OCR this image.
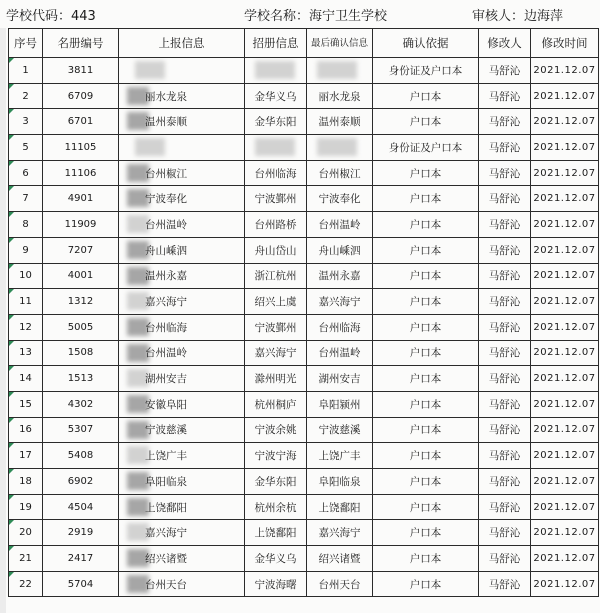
学校代码：443	学校名称：海宁卫生学校	审核人：边海萍
序号	名册编号	上报信息	招册信息	最后确认信息	确认依据	修改人	修改时间

1	3811				身份证及户口本	马舒沁	2021.12.07

2	6709	丽水龙泉	金华义乌	丽水龙泉	户口本	马舒沁	2021.12.07

3	6701	温州泰顺	金华东阳	温州泰顺	户口本	马舒沁	2021.12.07

5	11105				身份证及户口本	马舒沁	2021.12.07

6	11106	台州椒江	台州临海	台州椒江	户口本	马舒沁	2021.12.07

7	4901	宁波奉化	宁波鄞州	宁波奉化	户口本	马舒沁	2021.12.07

8	11909	台州温岭	台州路桥	台州温岭	户口本	马舒沁	2021.12.07

9	7207	舟山嵊泗	舟山岱山	舟山嵊泗	户口本	马舒沁	2021.12.07

10	4001	温州永嘉	浙江杭州	温州永嘉	户口本	马舒沁	2021.12.07

11	1312	嘉兴海宁	绍兴上虞	嘉兴海宁	户口本	马舒沁	2021.12.07

12	5005	台州临海	宁波鄞州	台州临海	户口本	马舒沁	2021.12.07

13	1508	台州温岭	嘉兴海宁	台州温岭	户口本	马舒沁	2021.12.07

14	1513	湖州安吉	滁州明光	湖州安吉	户口本	马舒沁	2021.12.07

15	4302	安徽阜阳	杭州桐庐	阜阳颍州	户口本	马舒沁	2021.12.07

16	5307	宁波慈溪	宁波余姚	宁波慈溪	户口本	马舒沁	2021.12.07

17	5408	上饶广丰	宁波宁海	上饶广丰	户口本	马舒沁	2021.12.07

18	6902	阜阳临泉	金华东阳	阜阳临泉	户口本	马舒沁	2021.12.07

19	4504	上饶鄱阳	杭州余杭	上饶鄱阳	户口本	马舒沁	2021.12.07

20	2919	嘉兴海宁	上饶鄱阳	嘉兴海宁	户口本	马舒沁	2021.12.07

21	2417	绍兴诸暨	金华义乌	绍兴诸暨	户口本	马舒沁	2021.12.07

22	5704	台州天台	宁波海曙	台州天台	户口本	马舒沁	2021.12.07
